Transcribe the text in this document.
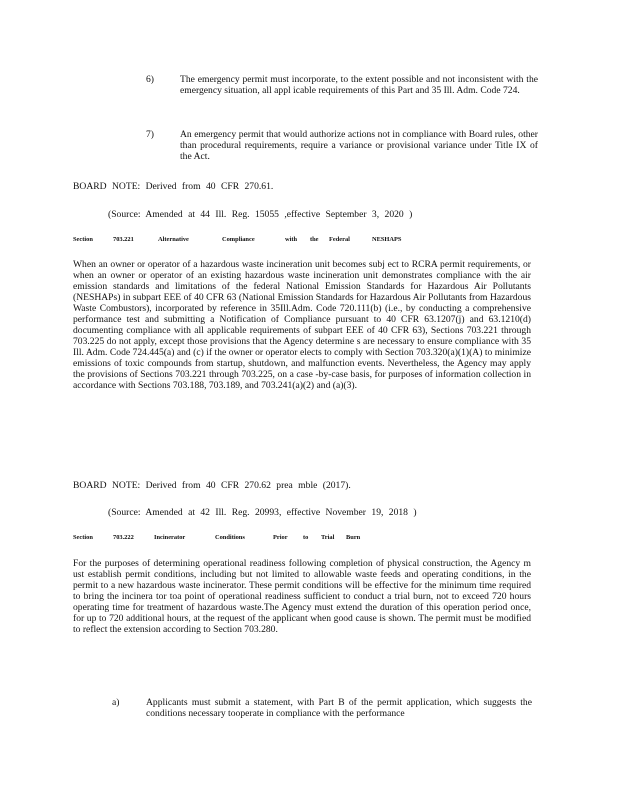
6)	The emergency permit must incorporate, to the extent possible and not inconsistent with the emergency situation, all appl icable requirements of this Part and 35 Ill. Adm. Code 724.
7)	An emergency permit that would authorize actions not in compliance with Board rules, other than procedural requirements, require a variance or provisional variance under Title IX of the Act.
BOARD NOTE: Derived from 40 CFR 270.61.
(Source: Amended at 44 Ill. Reg. 15055 ,effective September 3, 2020 )
Section	703.221	Alternative	Compliance	with the Federal	NESHAPS
When an owner or operator of a hazardous waste incineration unit becomes subj ect to RCRA permit requirements, or when an owner or operator of an existing hazardous waste incineration unit demonstrates compliance with the air emission standards and limitations of the federal National Emission Standards for Hazardous Air Pollutants (NESHAPs) in subpart EEE of 40 CFR 63 (National Emission Standards for Hazardous Air Pollutants from Hazardous Waste Combustors), incorporated by reference in 35Ill.Adm. Code 720.111(b) (i.e., by conducting a comprehensive performance test and submitting a Notification of Compliance pursuant to 40 CFR 63.1207(j) and 63.1210(d) documenting compliance with all applicable requirements of subpart EEE of 40 CFR 63), Sections 703.221 through 703.225 do not apply, except those provisions that the Agency determine s are necessary to ensure compliance with 35 Ill. Adm. Code 724.445(a) and (c) if the owner or operator elects to comply with Section 703.320(a)(1)(A) to minimize emissions of toxic compounds from startup, shutdown, and malfunction events. Nevertheless, the Agency may apply the provisions of Sections 703.221 through 703.225, on a case -by-case basis, for purposes of information collection in accordance with Sections 703.188, 703.189, and 703.241(a)(2) and (a)(3).
BOARD NOTE: Derived from 40 CFR 270.62 prea mble (2017).
(Source: Amended at 42 Ill. Reg. 20993, effective November 19, 2018 )
Section	703.222	Incinerator	Conditions	Prior to Trial Burn
For the purposes of determining operational readiness following completion of physical construction, the Agency m ust establish permit conditions, including but not limited to allowable waste feeds and operating conditions, in the permit to a new hazardous waste incinerator. These permit conditions will be effective for the minimum time required to bring the incinera tor toa point of operational readiness sufficient to conduct a trial burn, not to exceed 720 hours operating time for treatment of hazardous waste.The Agency must extend the duration of this operation period once, for up to 720 additional hours, at the request of the applicant when good cause is shown. The permit must be modified to reflect the extension according to Section 703.280.
a)	Applicants must submit a statement, with Part B of the permit application, which suggests the conditions necessary tooperate in compliance with the performance
